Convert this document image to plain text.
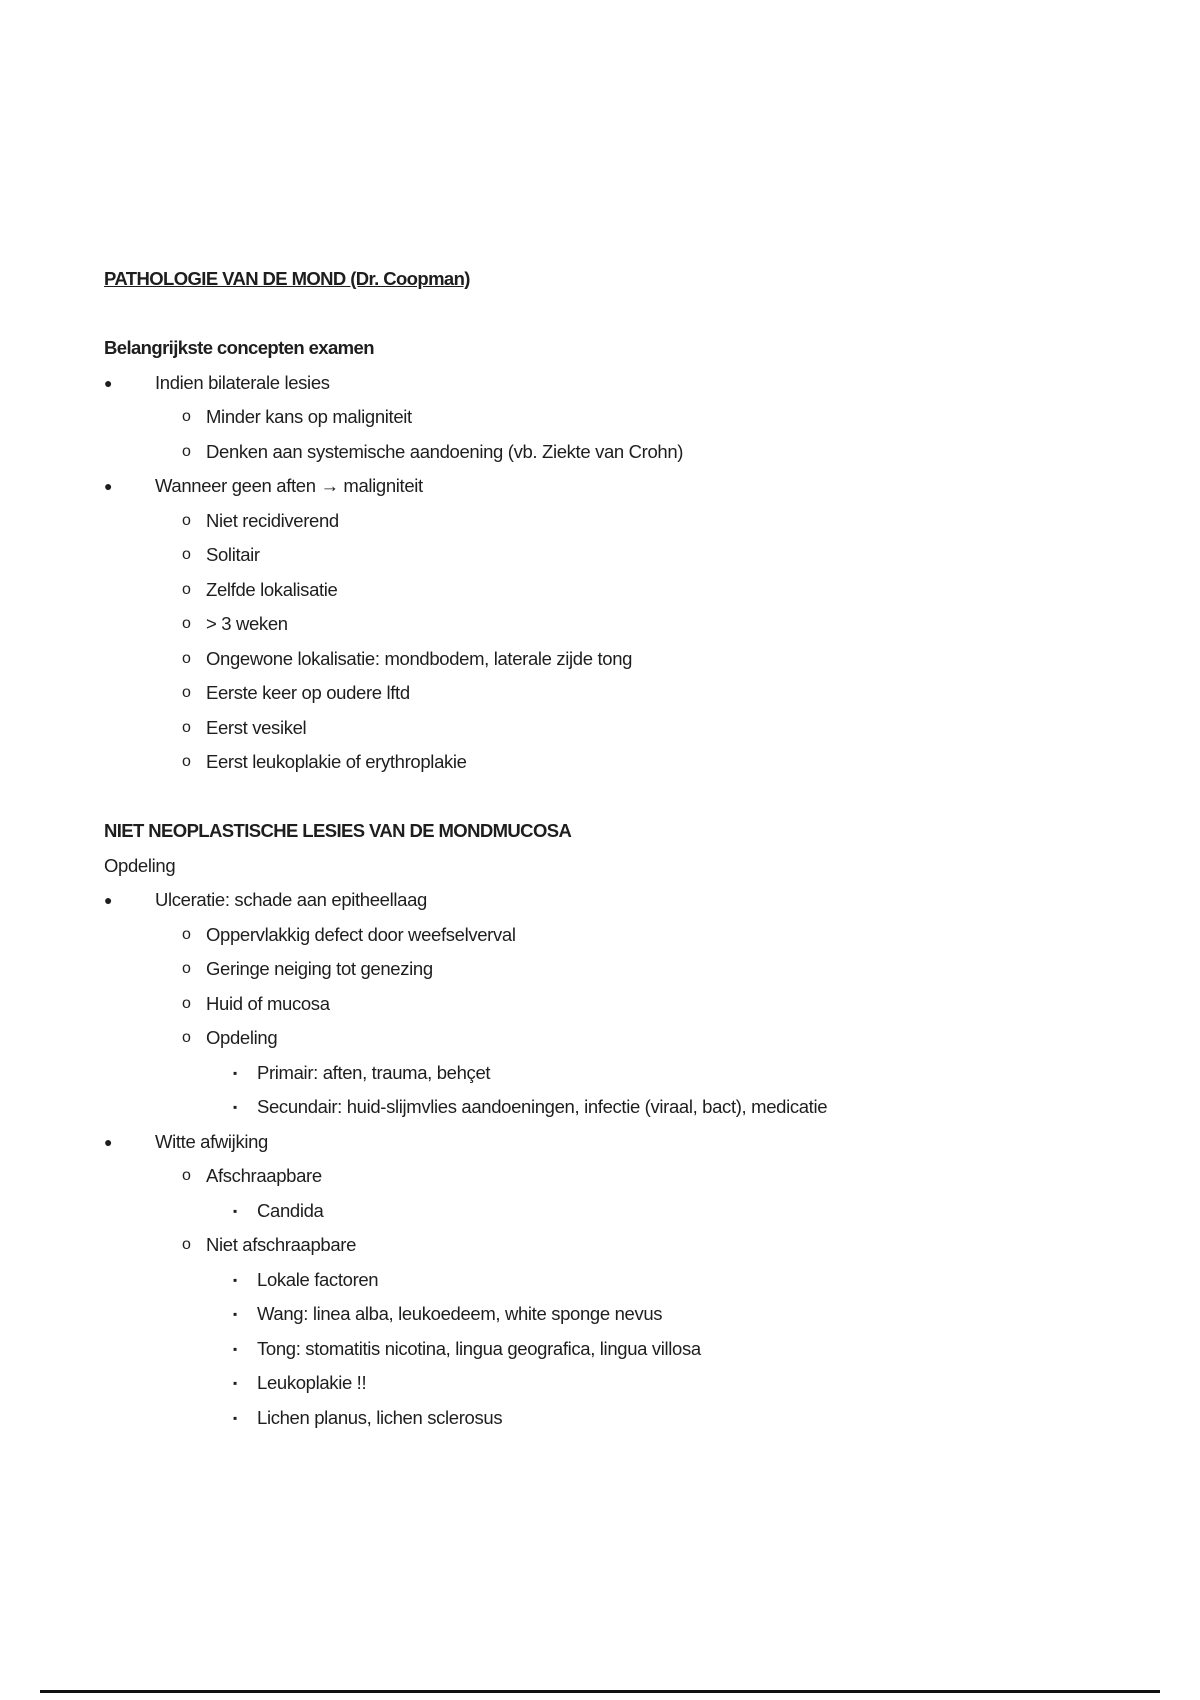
PATHOLOGIE VAN DE MOND (Dr. Coopman)
Belangrijkste concepten examen
● Indien bilaterale lesies
o Minder kans op maligniteit
o Denken aan systemische aandoening (vb. Ziekte van Crohn)
● Wanneer geen aften → maligniteit
o Niet recidiverend
o Solitair
o Zelfde lokalisatie
o > 3 weken
o Ongewone lokalisatie: mondbodem, laterale zijde tong
o Eerste keer op oudere lftd
o Eerst vesikel
o Eerst leukoplakie of erythroplakie
NIET NEOPLASTISCHE LESIES VAN DE MONDMUCOSA
Opdeling
● Ulceratie: schade aan epitheellaag
o Oppervlakkig defect door weefselverval
o Geringe neiging tot genezing
o Huid of mucosa
o Opdeling
▪ Primair: aften, trauma, behçet
▪ Secundair: huid-slijmvlies aandoeningen, infectie (viraal, bact), medicatie
● Witte afwijking
o Afschraapbare
▪ Candida
o Niet afschraapbare
▪ Lokale factoren
▪ Wang: linea alba, leukoedeem, white sponge nevus
▪ Tong: stomatitis nicotina, lingua geografica, lingua villosa
▪ Leukoplakie !!
▪ Lichen planus, lichen sclerosus
